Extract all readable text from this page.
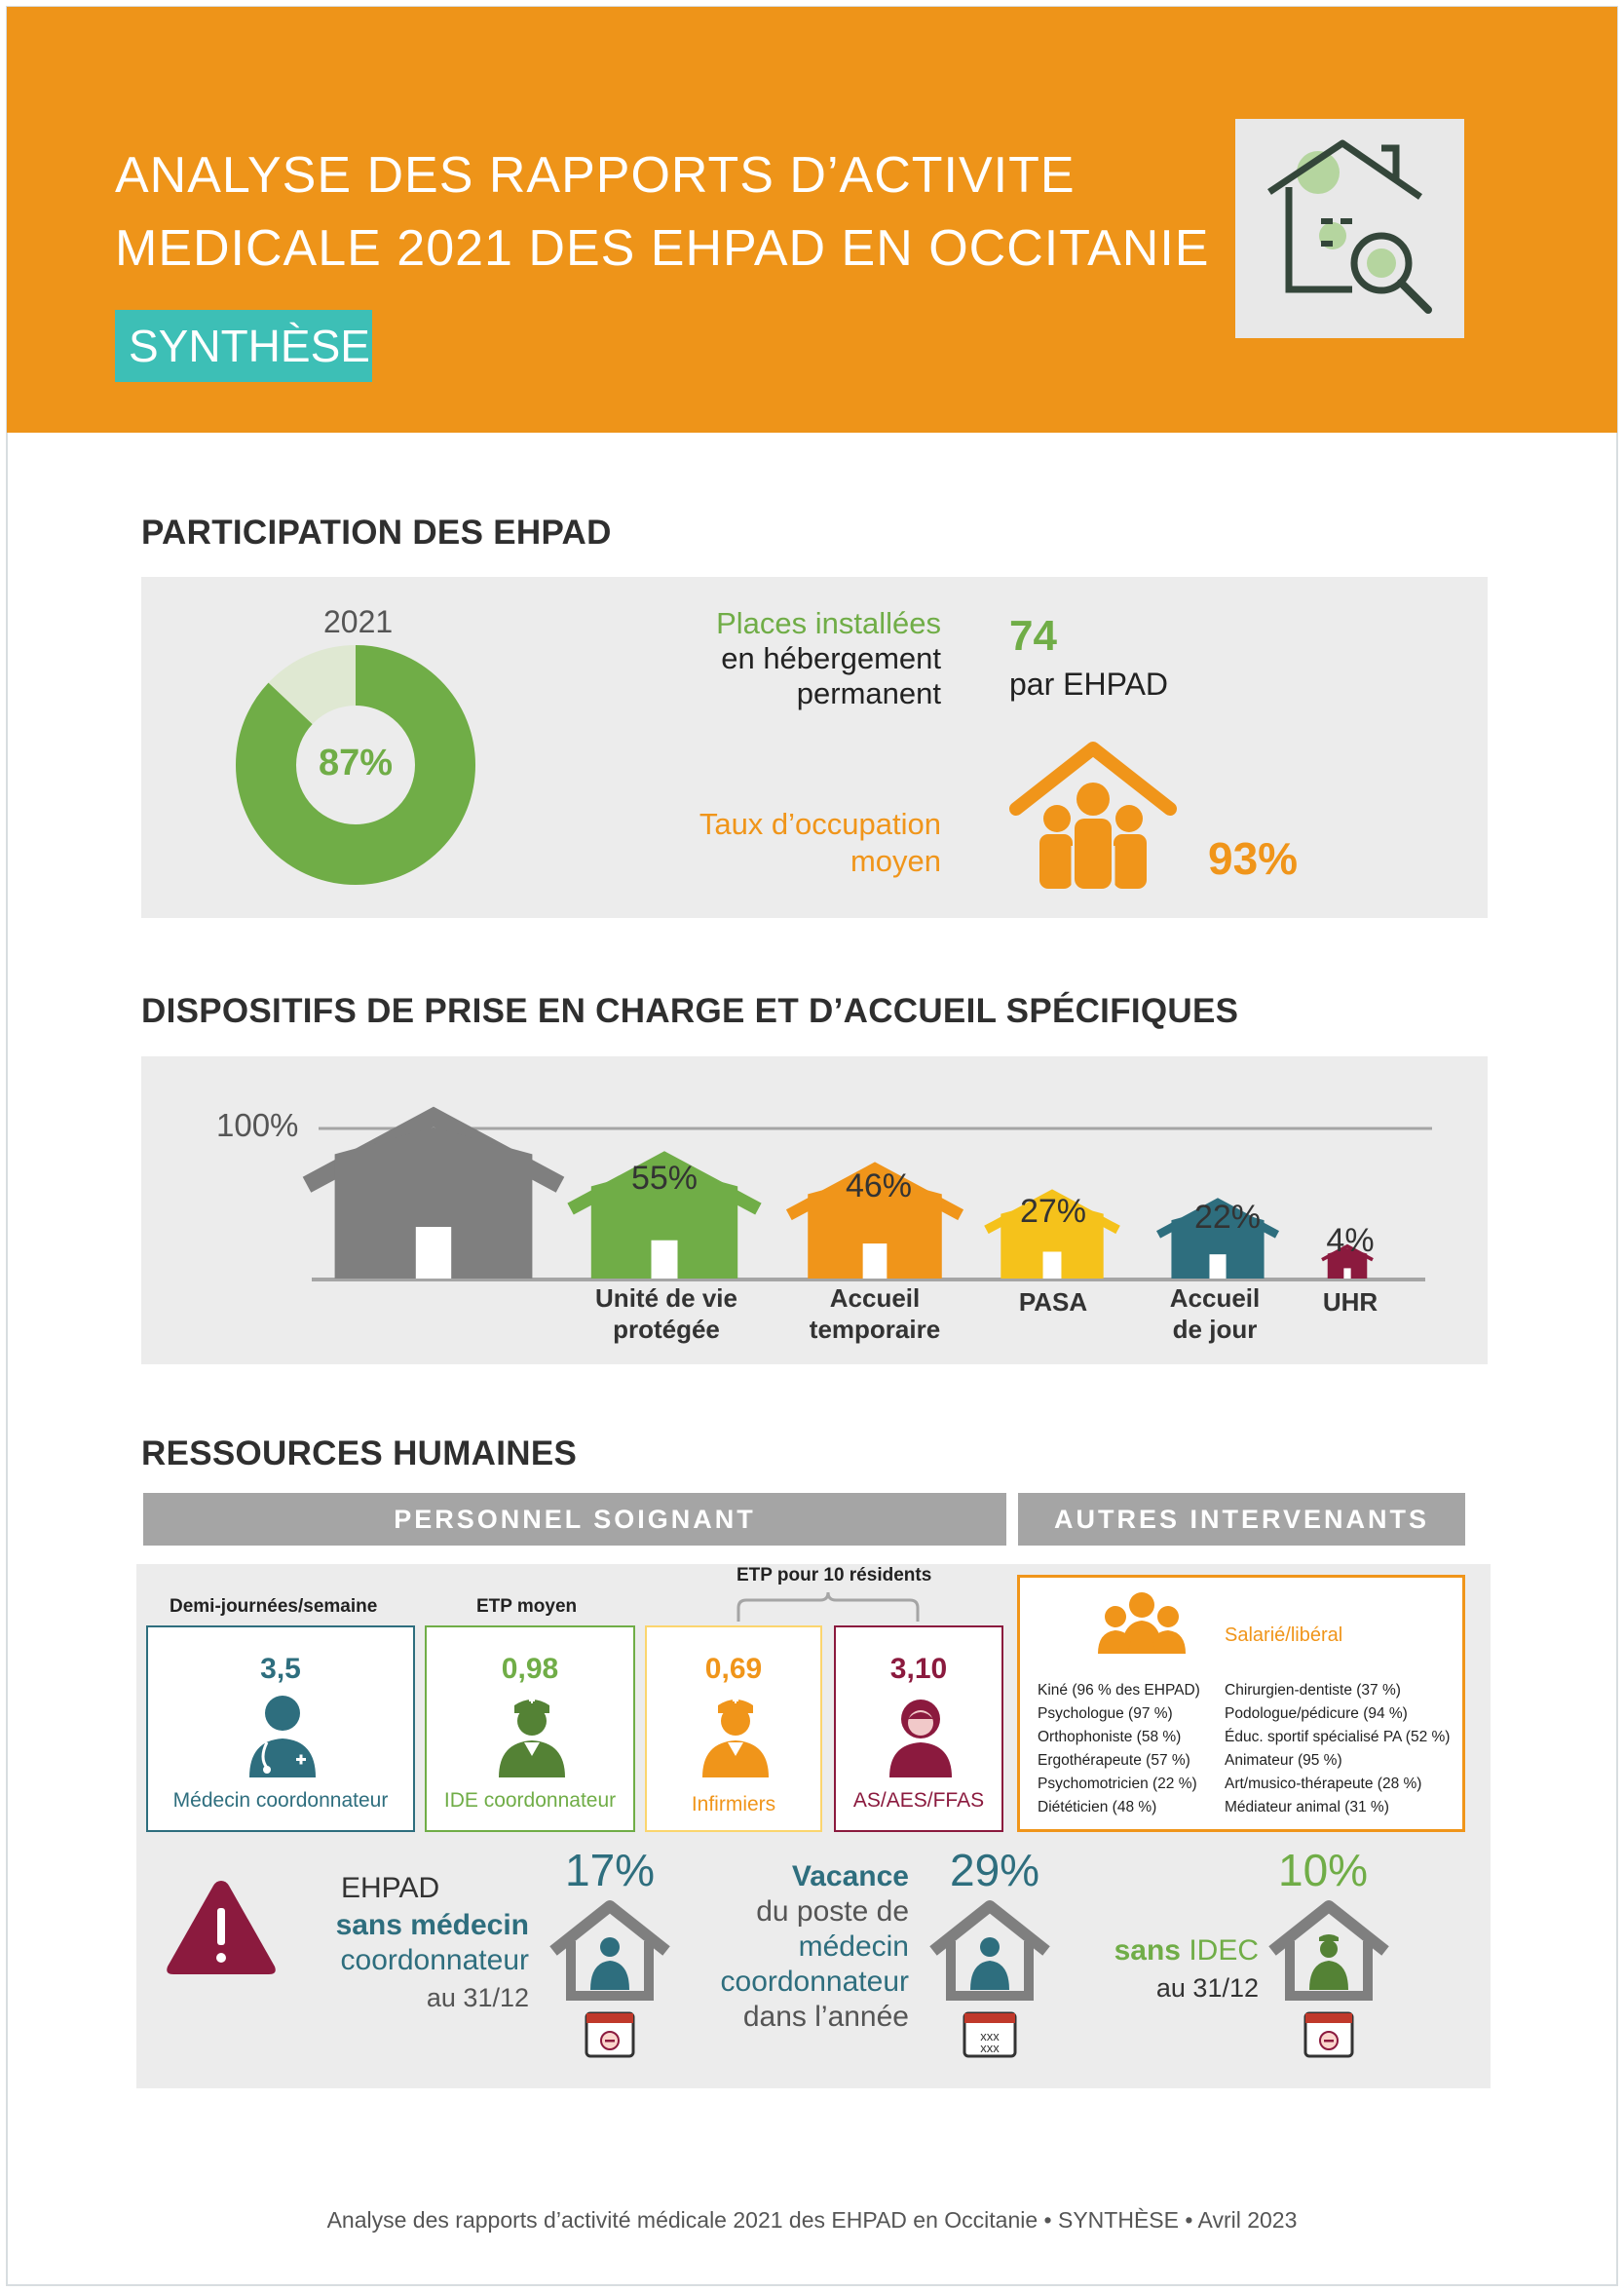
ANALYSE DES RAPPORTS D’ACTIVITE
MEDICALE 2021 DES EHPAD EN OCCITANIE
SYNTHÈSE
PARTICIPATION DES EHPAD
2021
87%
Places installées
en hébergement
permanent
74
par EHPAD
Taux d’occupation
moyen	93%
DISPOSITIFS DE PRISE EN CHARGE ET D’ACCUEIL SPÉCIFIQUES
100%
55%	46%
27%	22%
4%
Unité de vie
protégée
Accueil
temporaire
PASA	Accueil
de jour
UHR
RESSOURCES HUMAINES
PERSONNEL SOIGNANT	AUTRES INTERVENANTS
Demi-journées/semaine	ETP moyen
ETP pour 10 résidents
3,5
Médecin coordonnateur
0,98
IDE coordonnateur
0,69
Infirmiers
3,10
AS/AES/FFAS
Salarié/libéral
Kiné (96 % des EHPAD)
Psychologue (97 %)
Orthophoniste (58 %)
Ergothérapeute (57 %)
Psychomotricien (22 %)
Diététicien (48 %)
Chirurgien-dentiste (37 %)
Podologue/pédicure (94 %)
Éduc. sportif spécialisé PA (52 %)
Animateur (95 %)
Art/musico-thérapeute (28 %)
Médiateur animal (31 %)
EHPAD
sans médecin
coordonnateur
au 31/12
17%	Vacance
du poste de
médecin
coordonnateur
dans l’année
29%
sans IDEC
au 31/12
10%
xxx
xxx
Analyse des rapports d’activité médicale 2021 des EHPAD en Occitanie • SYNTHÈSE • Avril 2023
